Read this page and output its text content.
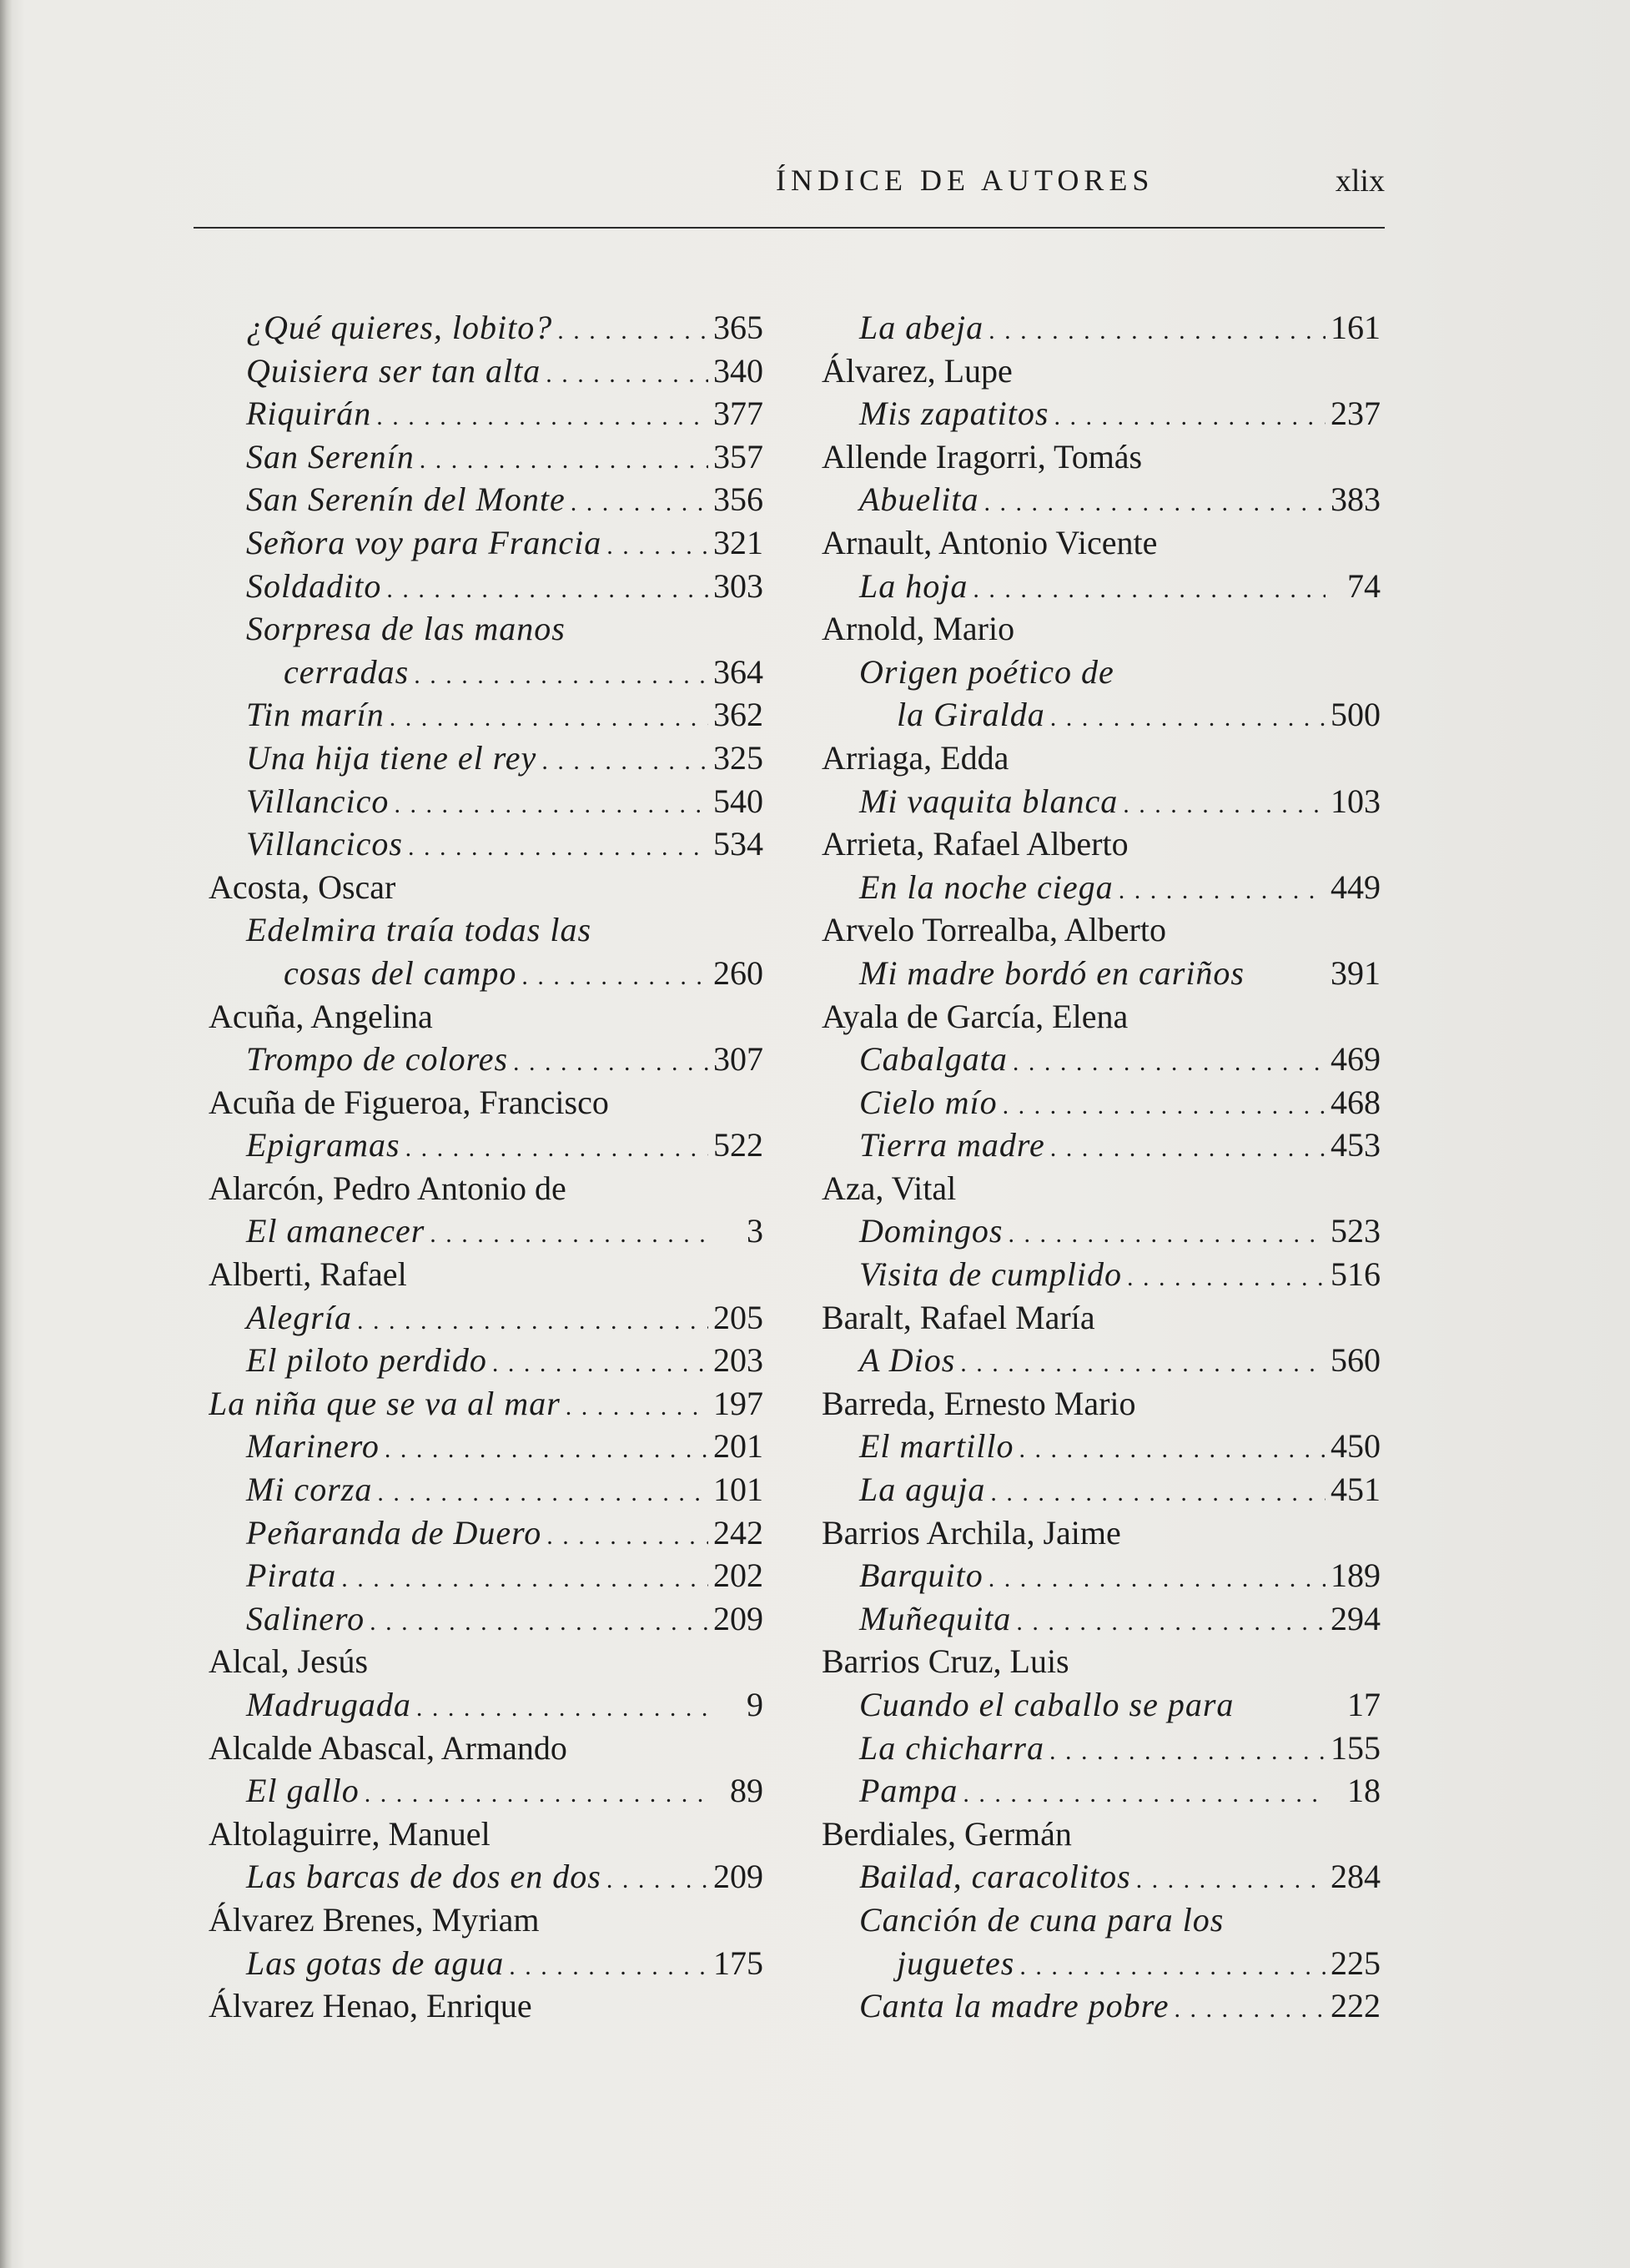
ÍNDICE DE AUTORES	xlix
¿Qué quieres, lobito? . . .	365
Quisiera ser tan alta . . .	340
Riquirán . . .	377
San Serenín . . .	357
San Serenín del Monte . . .	356
Señora voy para Francia . . .	321
Soldadito . . .	303
Sorpresa de las manos
cerradas . . .	364
Tin marín . . .	362
Una hija tiene el rey . . .	325
Villancico . . .	540
Villancicos . . .	534
Acosta, Oscar
Edelmira traía todas las
cosas del campo . . .	260
Acuña, Angelina
Trompo de colores . . .	307
Acuña de Figueroa, Francisco
Epigramas . . .	522
Alarcón, Pedro Antonio de
El amanecer . . .	3
Alberti, Rafael
Alegría . . .	205
El piloto perdido . . .	203
La niña que se va al mar . . .	197
Marinero . . .	201
Mi corza . . .	101
Peñaranda de Duero . . .	242
Pirata . . .	202
Salinero . . .	209
Alcal, Jesús
Madrugada . . .	9
Alcalde Abascal, Armando
El gallo . . .	89
Altolaguirre, Manuel
Las barcas de dos en dos . . .	209
Álvarez Brenes, Myriam
Las gotas de agua . . .	175
Álvarez Henao, Enrique
La abeja . . .	161
Álvarez, Lupe
Mis zapatitos . . .	237
Allende Iragorri, Tomás
Abuelita . . .	383
Arnault, Antonio Vicente
La hoja . . .	74
Arnold, Mario
Origen poético de
la Giralda . . .	500
Arriaga, Edda
Mi vaquita blanca . . .	103
Arrieta, Rafael Alberto
En la noche ciega . . .	449
Arvelo Torrealba, Alberto
Mi madre bordó en cariños	391
Ayala de García, Elena
Cabalgata . . .	469
Cielo mío . . .	468
Tierra madre . . .	453
Aza, Vital
Domingos . . .	523
Visita de cumplido . . .	516
Baralt, Rafael María
A Dios . . .	560
Barreda, Ernesto Mario
El martillo . . .	450
La aguja . . .	451
Barrios Archila, Jaime
Barquito . . .	189
Muñequita . . .	294
Barrios Cruz, Luis
Cuando el caballo se para	17
La chicharra . . .	155
Pampa . . .	18
Berdiales, Germán
Bailad, caracolitos . . .	284
Canción de cuna para los
juguetes . . .	225
Canta la madre pobre . . .	222
